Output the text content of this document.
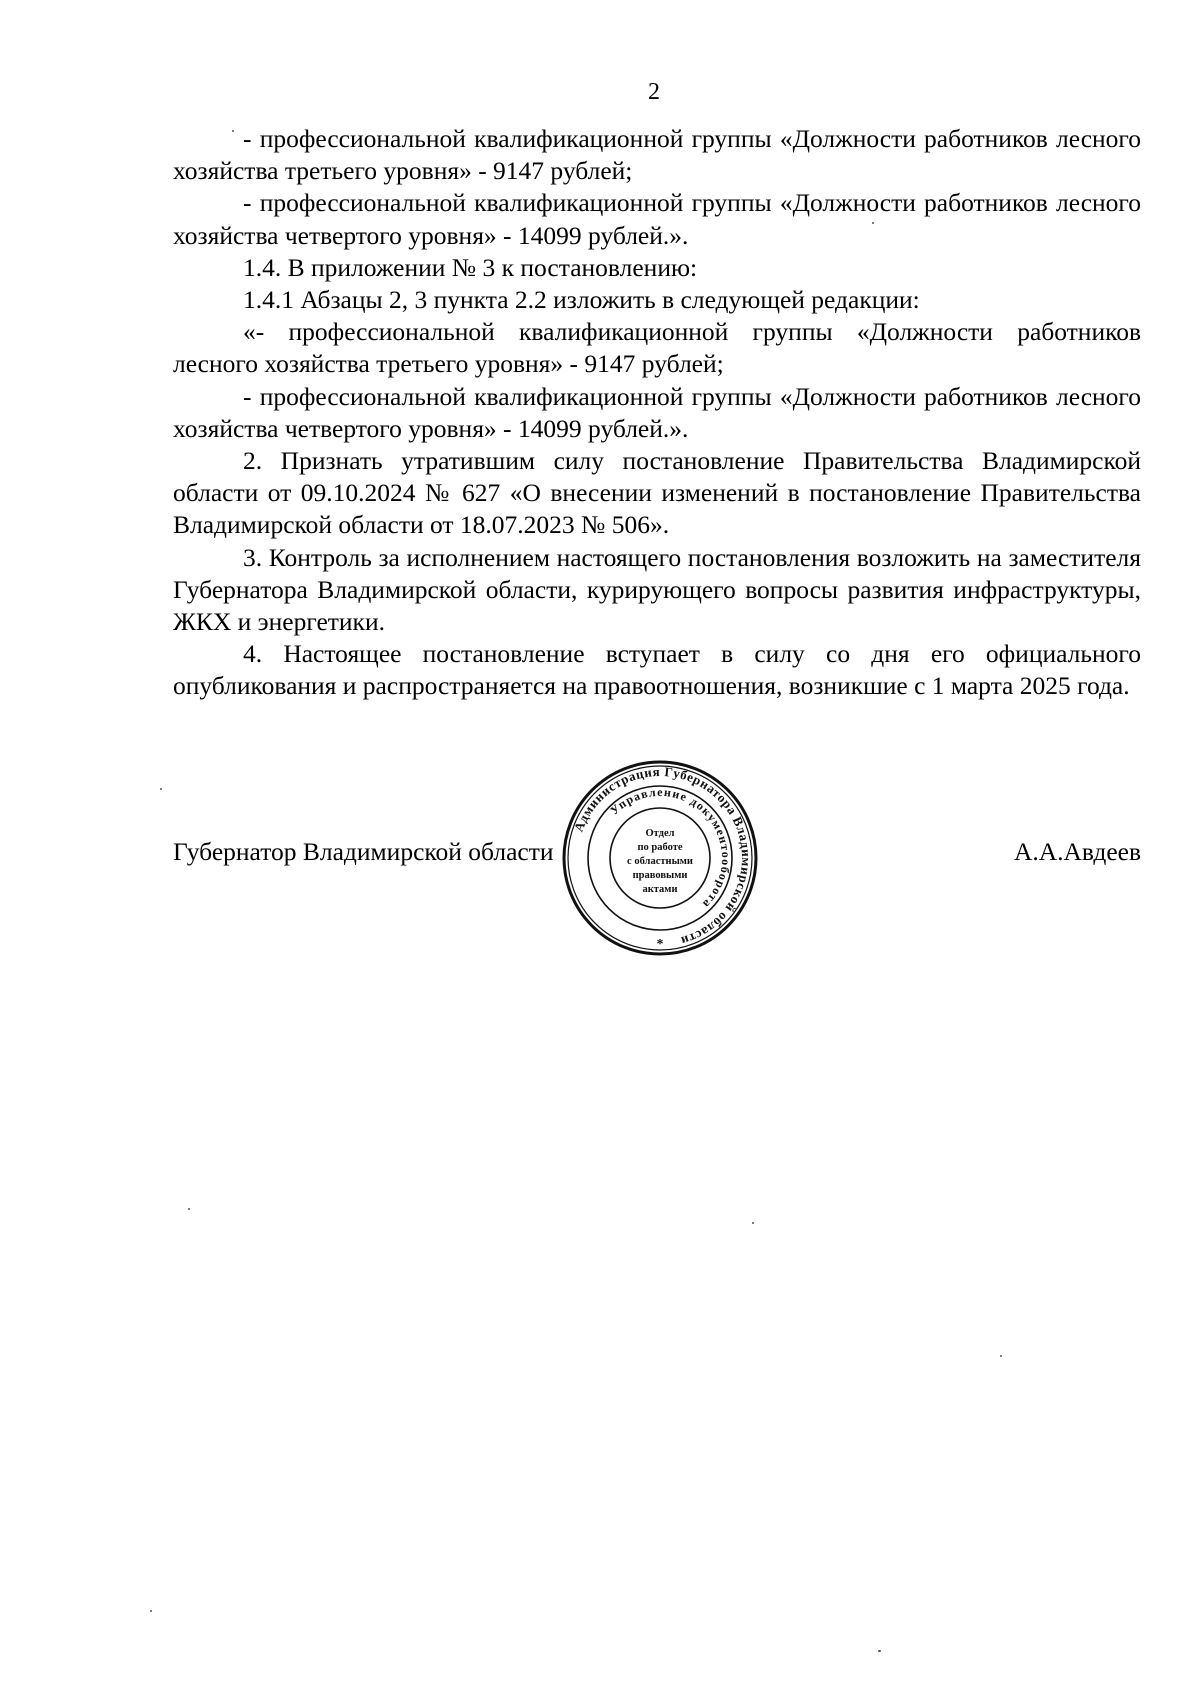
2

- профессиональной квалификационной группы «Должности работников лесного хозяйства третьего уровня» - 9147 рублей;

- профессиональной квалификационной группы «Должности работников лесного хозяйства четвертого уровня» - 14099 рублей.».

1.4. В приложении № 3 к постановлению:

1.4.1 Абзацы 2, 3 пункта 2.2 изложить в следующей редакции:

«- профессиональной квалификационной группы «Должности работников лесного хозяйства третьего уровня» - 9147 рублей;

- профессиональной квалификационной группы «Должности работников лесного хозяйства четвертого уровня» - 14099 рублей.».

2. Признать утратившим силу постановление Правительства Владимирской области от 09.10.2024 № 627 «О внесении изменений в постановление Правительства Владимирской области от 18.07.2023 № 506».

3. Контроль за исполнением настоящего постановления возложить на заместителя Губернатора Владимирской области, курирующего вопросы развития инфраструктуры, ЖКХ и энергетики.

4. Настоящее постановление вступает в силу со дня его официального опубликования и распространяется на правоотношения, возникшие с 1 марта 2025 года.

Губернатор Владимирской области	А.А.Авдеев
Администрация Губернатора Владимирской области
Управление документооборота
Отдел
по работе
с областными
правовыми
актами
*
